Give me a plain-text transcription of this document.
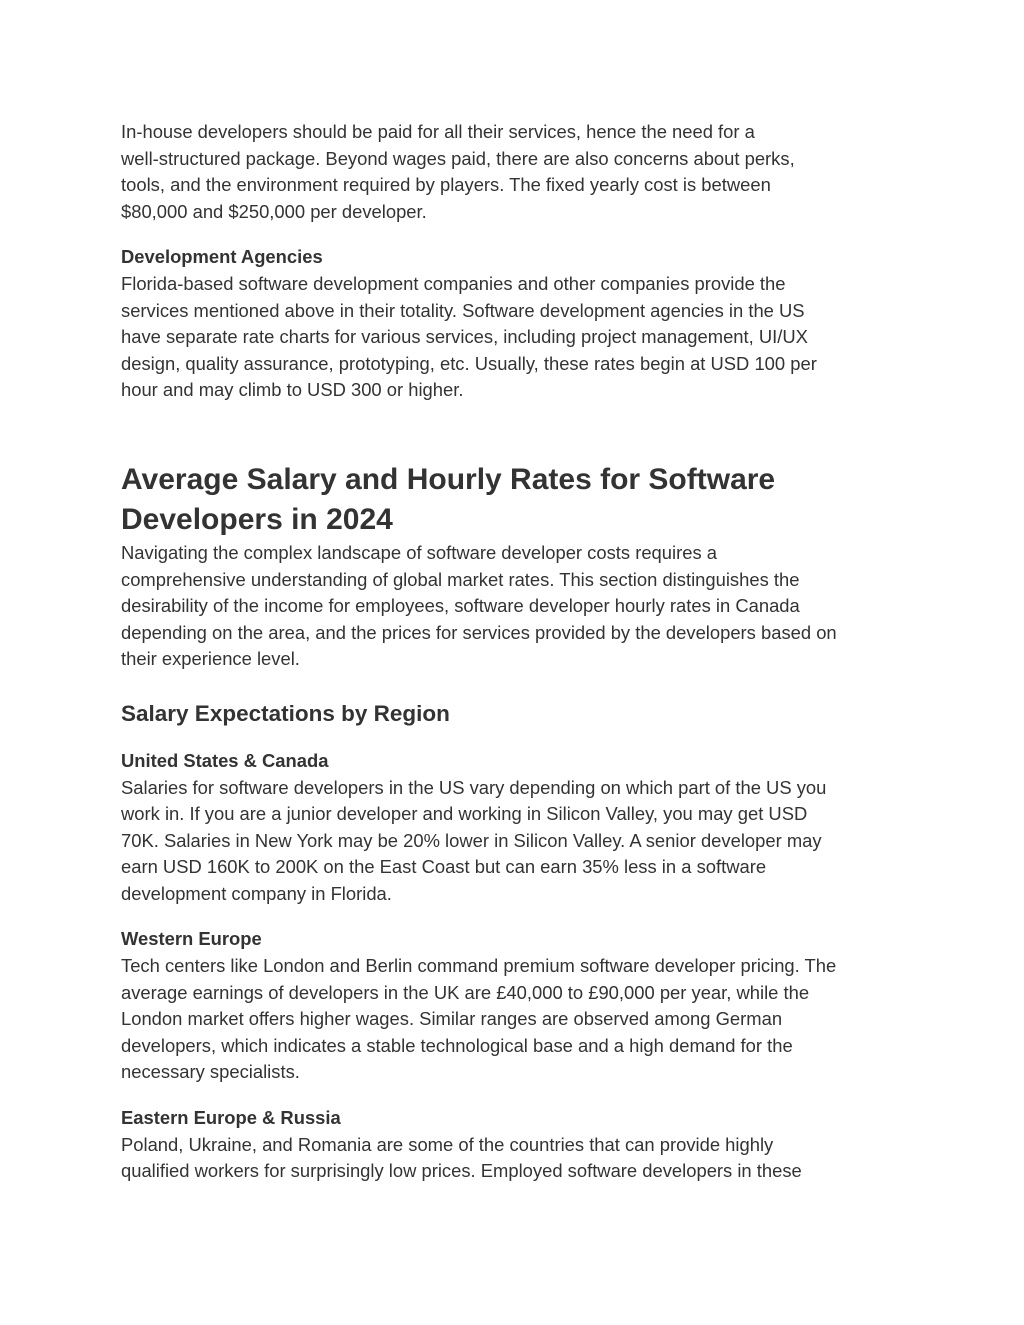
In-house developers should be paid for all their services, hence the need for a
well-structured package. Beyond wages paid, there are also concerns about perks,
tools, and the environment required by players. The fixed yearly cost is between
$80,000 and $250,000 per developer.

Development Agencies

Florida-based software development companies and other companies provide the
services mentioned above in their totality. Software development agencies in the US
have separate rate charts for various services, including project management, UI/UX
design, quality assurance, prototyping, etc. Usually, these rates begin at USD 100 per
hour and may climb to USD 300 or higher.

Average Salary and Hourly Rates for Software
Developers in 2024

Navigating the complex landscape of software developer costs requires a
comprehensive understanding of global market rates. This section distinguishes the
desirability of the income for employees, software developer hourly rates in Canada
depending on the area, and the prices for services provided by the developers based on
their experience level.

Salary Expectations by Region
United States & Canada

Salaries for software developers in the US vary depending on which part of the US you
work in. If you are a junior developer and working in Silicon Valley, you may get USD
70K. Salaries in New York may be 20% lower in Silicon Valley. A senior developer may
earn USD 160K to 200K on the East Coast but can earn 35% less in a software
development company in Florida.

Western Europe

Tech centers like London and Berlin command premium software developer pricing. The
average earnings of developers in the UK are £40,000 to £90,000 per year, while the
London market offers higher wages. Similar ranges are observed among German
developers, which indicates a stable technological base and a high demand for the
necessary specialists.

Eastern Europe & Russia

Poland, Ukraine, and Romania are some of the countries that can provide highly
qualified workers for surprisingly low prices. Employed software developers in these
